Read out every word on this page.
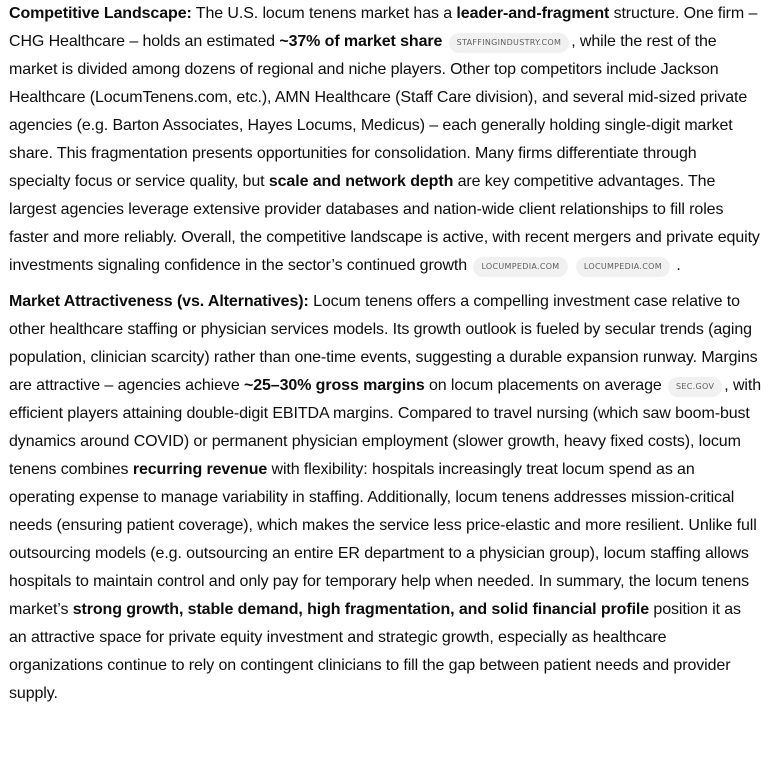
Competitive Landscape: The U.S. locum tenens market has a leader-and-fragment structure. One firm – CHG Healthcare – holds an estimated ~37% of market share STAFFINGINDUSTRY.COM , while the rest of the market is divided among dozens of regional and niche players. Other top competitors include Jackson Healthcare (LocumTenens.com, etc.), AMN Healthcare (Staff Care division), and several mid-sized private agencies (e.g. Barton Associates, Hayes Locums, Medicus) – each generally holding single-digit market share. This fragmentation presents opportunities for consolidation. Many firms differentiate through specialty focus or service quality, but scale and network depth are key competitive advantages. The largest agencies leverage extensive provider databases and nation-wide client relationships to fill roles faster and more reliably. Overall, the competitive landscape is active, with recent mergers and private equity investments signaling confidence in the sector’s continued growth LOCUMPEDIA.COM	LOCUMPEDIA.COM .

Market Attractiveness (vs. Alternatives): Locum tenens offers a compelling investment case relative to other healthcare staffing or physician services models. Its growth outlook is fueled by secular trends (aging population, clinician scarcity) rather than one-time events, suggesting a durable expansion runway. Margins are attractive – agencies achieve ~25–30% gross margins on locum placements on average SEC.GOV , with efficient players attaining double-digit EBITDA margins. Compared to travel nursing (which saw boom-bust dynamics around COVID) or permanent physician employment (slower growth, heavy fixed costs), locum tenens combines recurring revenue with flexibility: hospitals increasingly treat locum spend as an operating expense to manage variability in staffing. Additionally, locum tenens addresses mission-critical needs (ensuring patient coverage), which makes the service less price-elastic and more resilient. Unlike full outsourcing models (e.g. outsourcing an entire ER department to a physician group), locum staffing allows hospitals to maintain control and only pay for temporary help when needed. In summary, the locum tenens market’s strong growth, stable demand, high fragmentation, and solid financial profile position it as an attractive space for private equity investment and strategic growth, especially as healthcare organizations continue to rely on contingent clinicians to fill the gap between patient needs and provider supply.
